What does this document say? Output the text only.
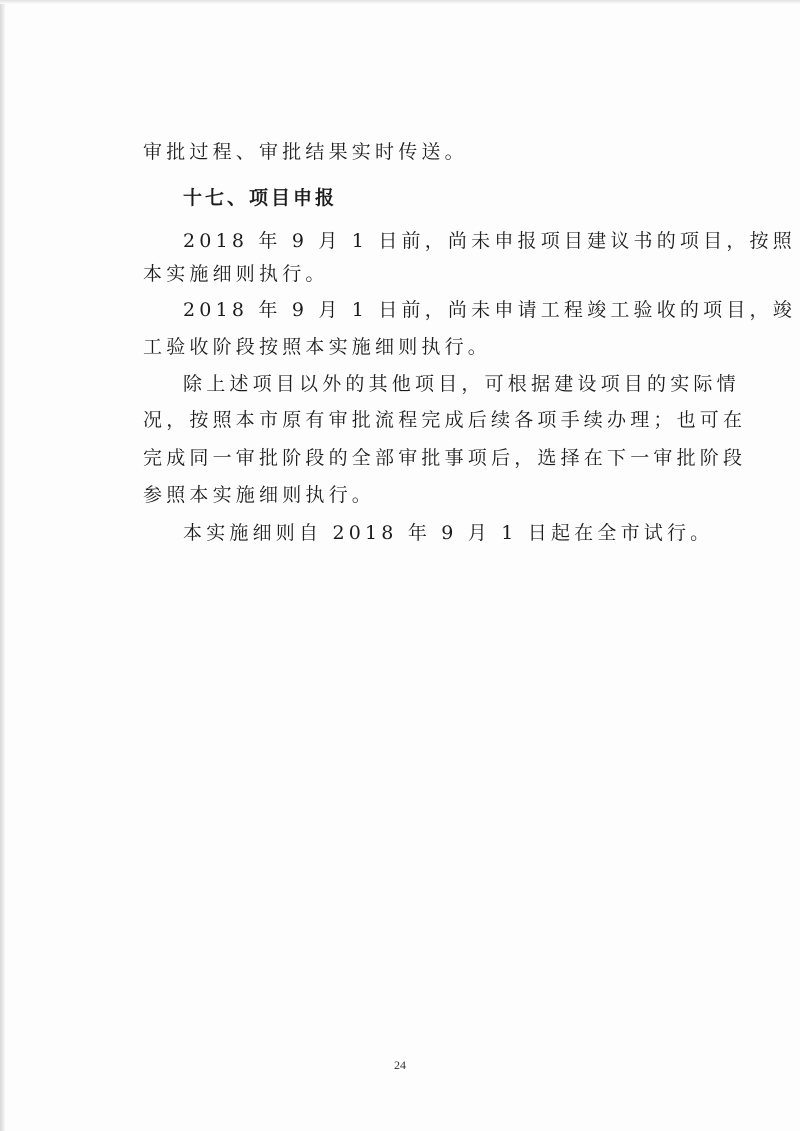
审批过程、审批结果实时传送。
十七、项目申报
2018 年 9 月 1 日前，尚未申报项目建议书的项目，按照
本实施细则执行。
2018 年 9 月 1 日前，尚未申请工程竣工验收的项目，竣
工验收阶段按照本实施细则执行。
除上述项目以外的其他项目，可根据建设项目的实际情
况，按照本市原有审批流程完成后续各项手续办理；也可在
完成同一审批阶段的全部审批事项后，选择在下一审批阶段
参照本实施细则执行。
本实施细则自 2018 年 9 月 1 日起在全市试行。
24
